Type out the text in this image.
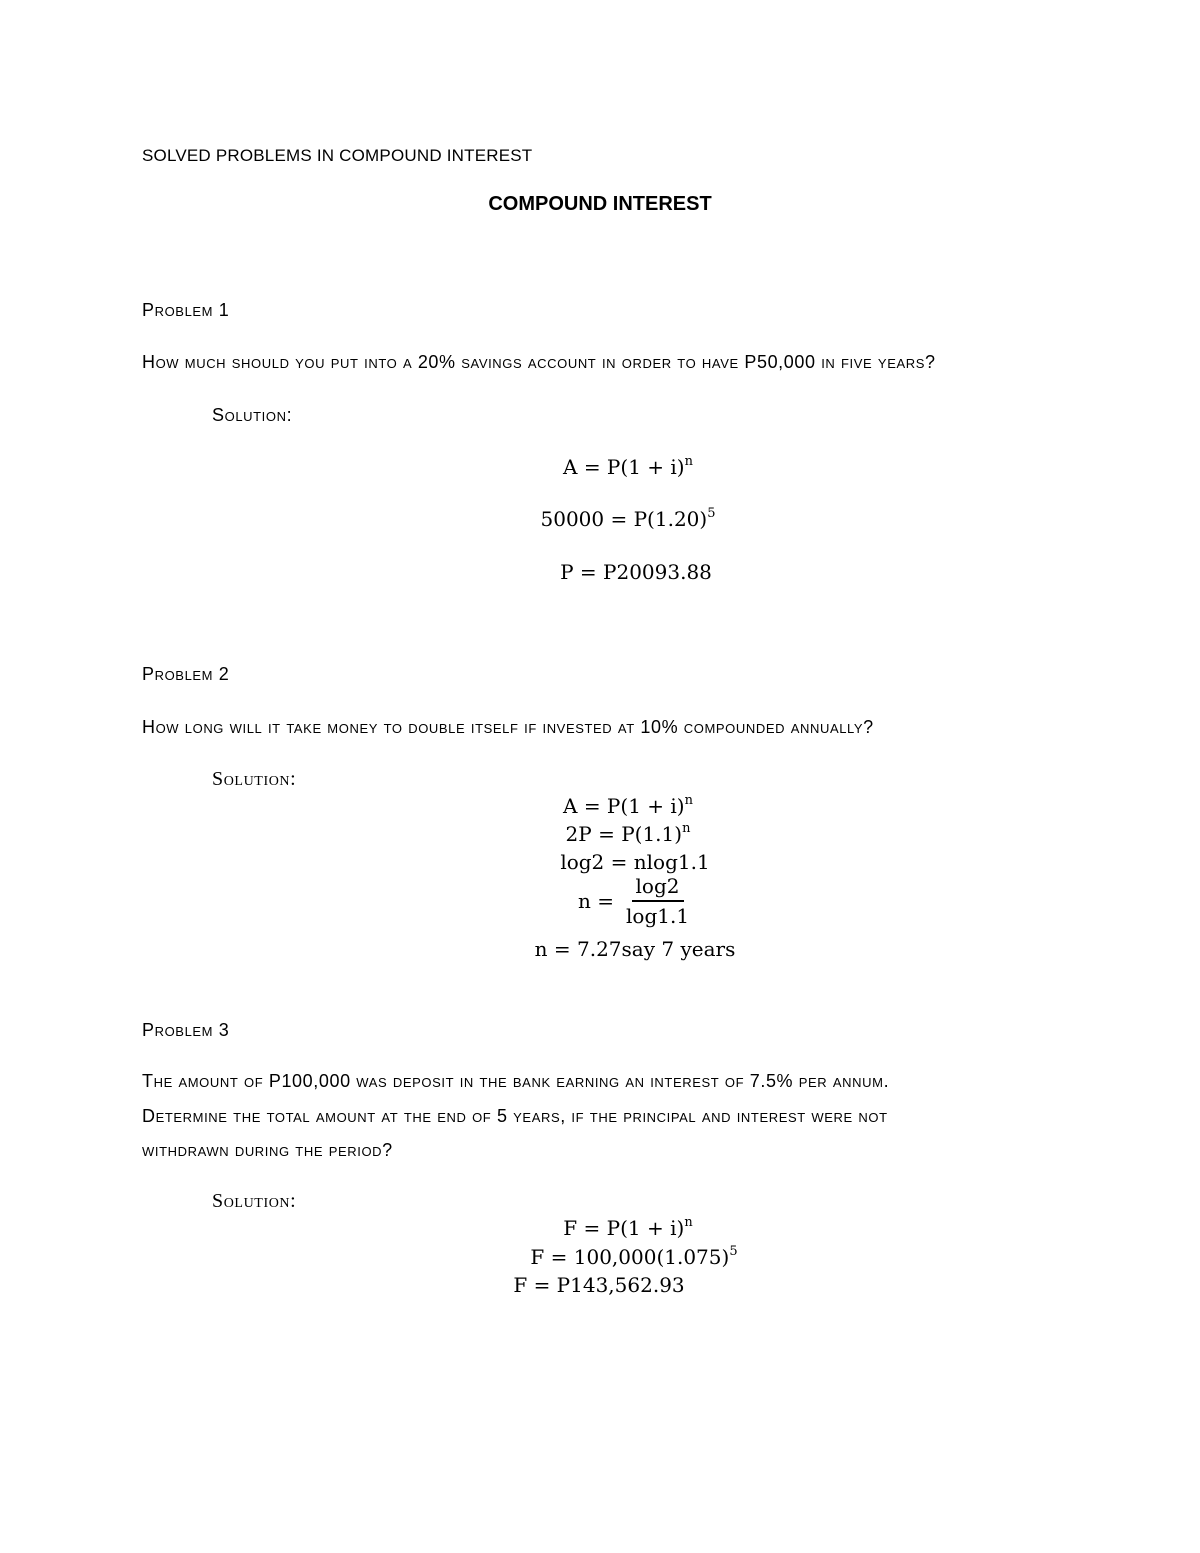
SOLVED PROBLEMS IN COMPOUND INTEREST
COMPOUND INTEREST
Problem 1
How much should you put into a 20% savings account in order to have P50,000 in five years?
Solution:
$A = P(1 + i)^n$
$50000 = P(1.20)^5$
P = P20093.88
Problem 2
How long will it take money to double itself if invested at 10% compounded annually?
Solution:
$A = P(1 + i)^n$
$2P = P(1.1)^n$
log2 = nlog1.1
$n = \frac{\log 2}{\log 1.1}$
n = 7.27say 7 years
Problem 3
The amount of P100,000 was deposit in the bank earning an interest of 7.5% per annum.
Determine the total amount at the end of 5 years, if the principal and interest were not
withdrawn during the period?
Solution:
$F = P(1 + i)^n$
$F = 100,000(1.075)^5$
F = P143,562.93
